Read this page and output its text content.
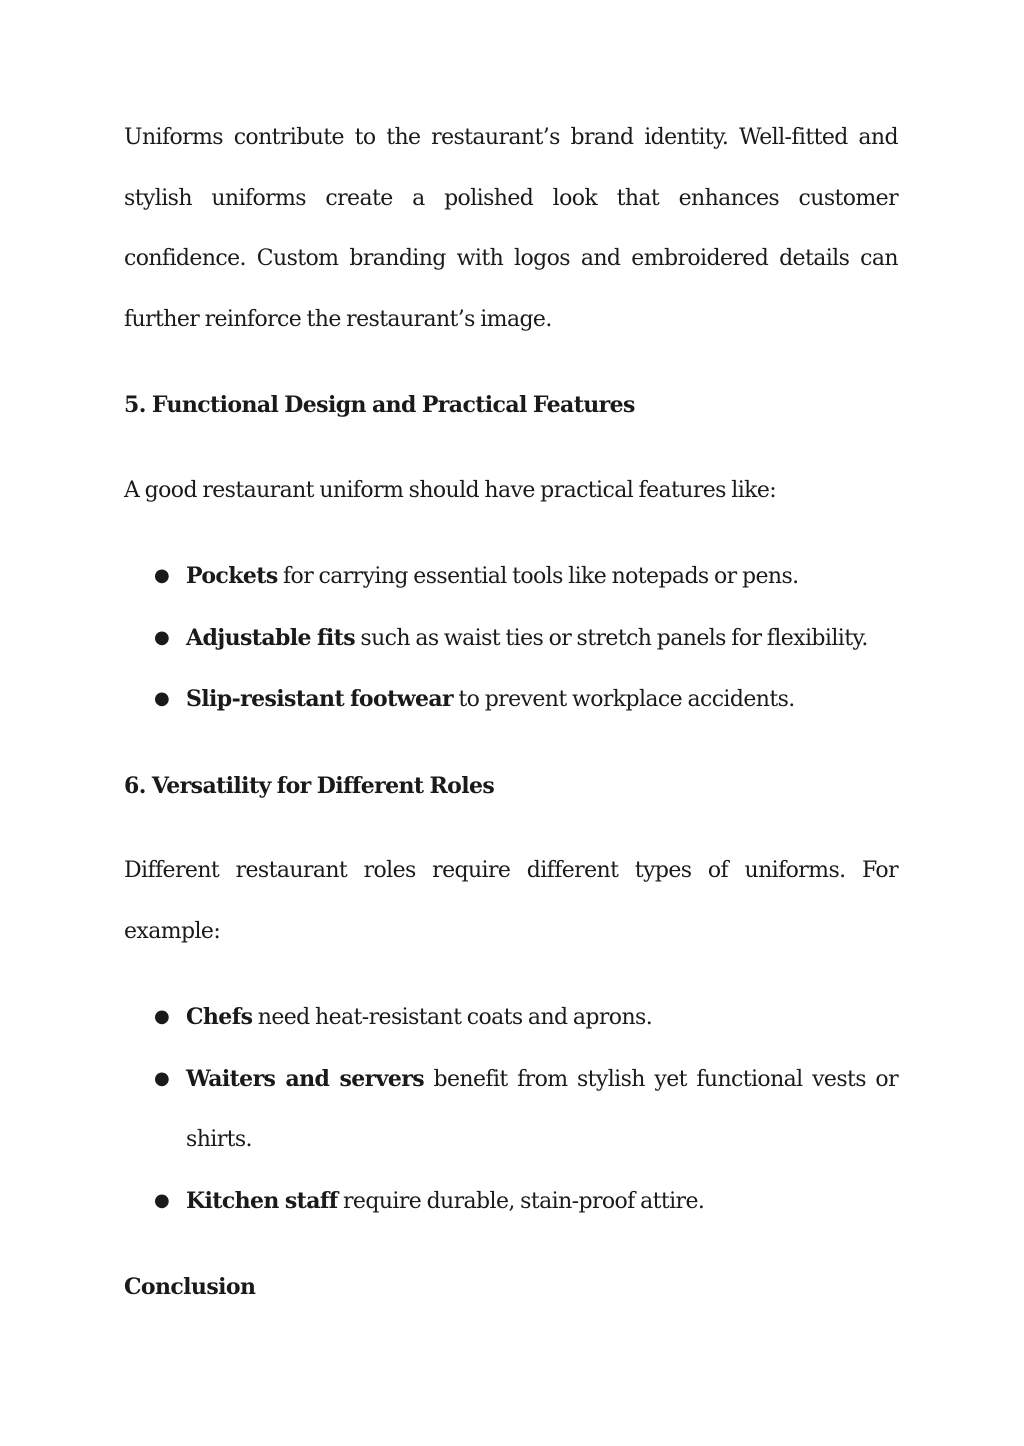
Uniforms contribute to the restaurant’s brand identity. Well-fitted and stylish uniforms create a polished look that enhances customer confidence. Custom branding with logos and embroidered details can further reinforce the restaurant’s image.

5. Functional Design and Practical Features

A good restaurant uniform should have practical features like:

● Pockets for carrying essential tools like notepads or pens.
● Adjustable fits such as waist ties or stretch panels for flexibility.
● Slip-resistant footwear to prevent workplace accidents.
6. Versatility for Different Roles

Different restaurant roles require different types of uniforms. For example:

● Chefs need heat-resistant coats and aprons.
● Waiters and servers benefit from stylish yet functional vests or shirts.
● Kitchen staff require durable, stain-proof attire.
Conclusion
